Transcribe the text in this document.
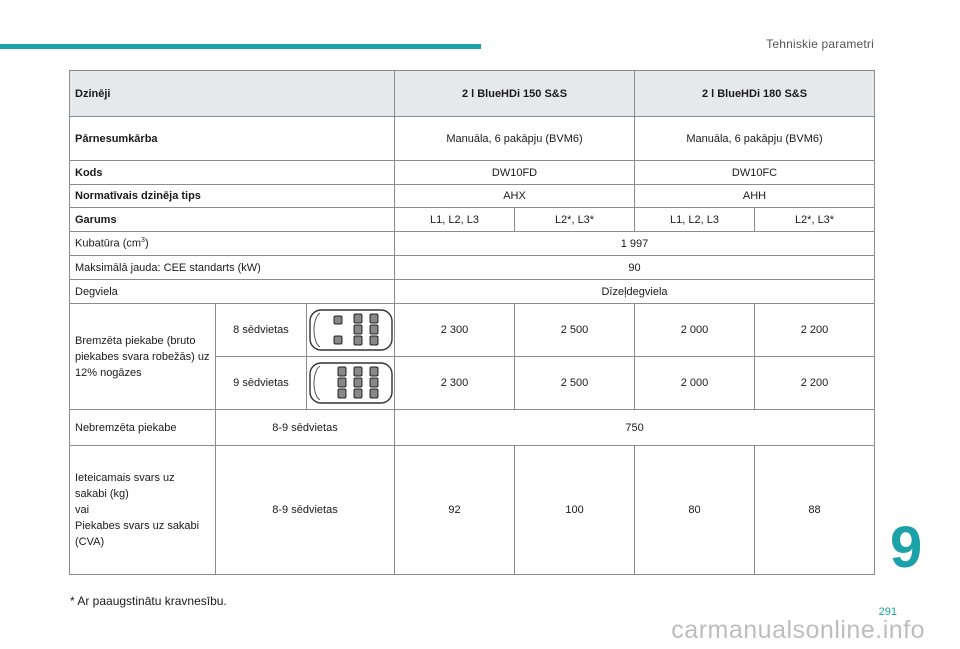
Tehniskie parametri
Dzinēji		2 l BlueHDi 150 S&S		2 l BlueHDi 180 S&S	
Pārnesumkārba		Manuāla, 6 pakāpju (BVM6)		Manuāla, 6 pakāpju (BVM6)	
Kods		DW10FD		DW10FC	
Normatīvais dzinēja tips		AHX		AHH	
Garums		L1, L2, L3	L2*, L3*	L1, L2, L3	L2*, L3*
Kubatūra $(cm^3)$		1 997			
Maksimālā jauda: CEE standarts (kW)		90			
Degviela		Dīzeļdegviela			
Bremzēta piekabe (bruto piekabes svara robežās) uz 12% nogāzes	8 sēdvietas	2 300	2 500	2 000	2 200

	9 sēdvietas	2 300	2 500	2 000	2 200
Nebremzēta piekabe	8-9 sēdvietas	750			

Ieteicamais svars uz
sakabi (kg)
vai
Piekabes svars uz sakabi
(CVA)	8-9 sēdvietas	92	100	80	88
* Ar paaugstinātu kravnesību.
9
291
carmanualsonline.info
